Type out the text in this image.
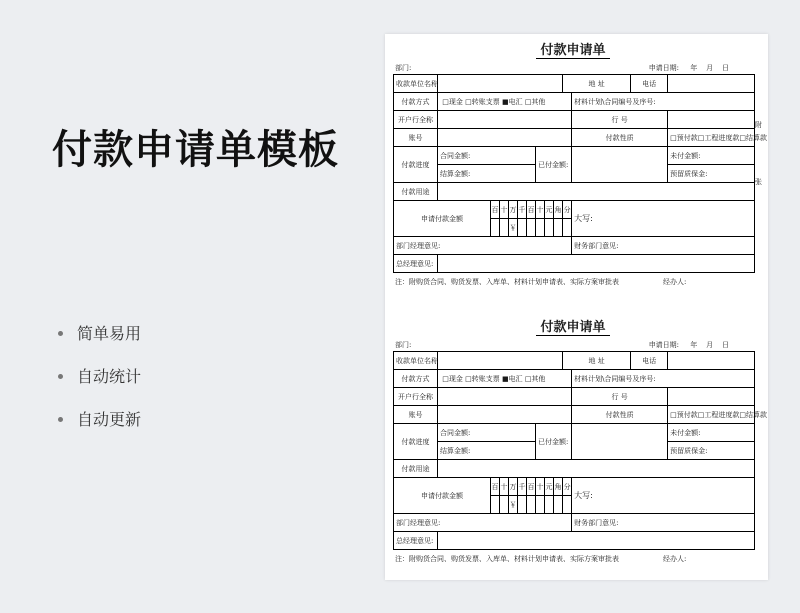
付款申请单模板
简单易用
自动统计
自动更新
附
张
付款申请单
部门:	申请日期: 年 月 日
收款单位名称										地 址		电话	
付款方式	□现金 □转账支票 ■电汇 □其他										材料计划\合同编号及序号:		
开户行全称											行 号		
账号											付款性质		□预付款□工程进度款□结算款
付款进度	合同金额:						已付金额:						未付金额:
	结算金额:												预留质保金:
付款用途													
申请付款金额		百	十	万	千	百	十	元	角	分	大写:		
				￥									
部门经理意见:											财务部门意见:		
总经理意见:													
注：附购货合同、购货发票、入库单、材料计划申请表、实际方案审批表	经办人:
付款申请单
部门:	申请日期: 年 月 日
收款单位名称										地 址		电话	
付款方式	□现金 □转账支票 ■电汇 □其他										材料计划\合同编号及序号:		
开户行全称											行 号		
账号											付款性质		□预付款□工程进度款□结算款
付款进度	合同金额:						已付金额:						未付金额:
	结算金额:												预留质保金:
付款用途													
申请付款金额		百	十	万	千	百	十	元	角	分	大写:		
				￥									
部门经理意见:											财务部门意见:		
总经理意见:													
注：附购货合同、购货发票、入库单、材料计划申请表、实际方案审批表	经办人:
